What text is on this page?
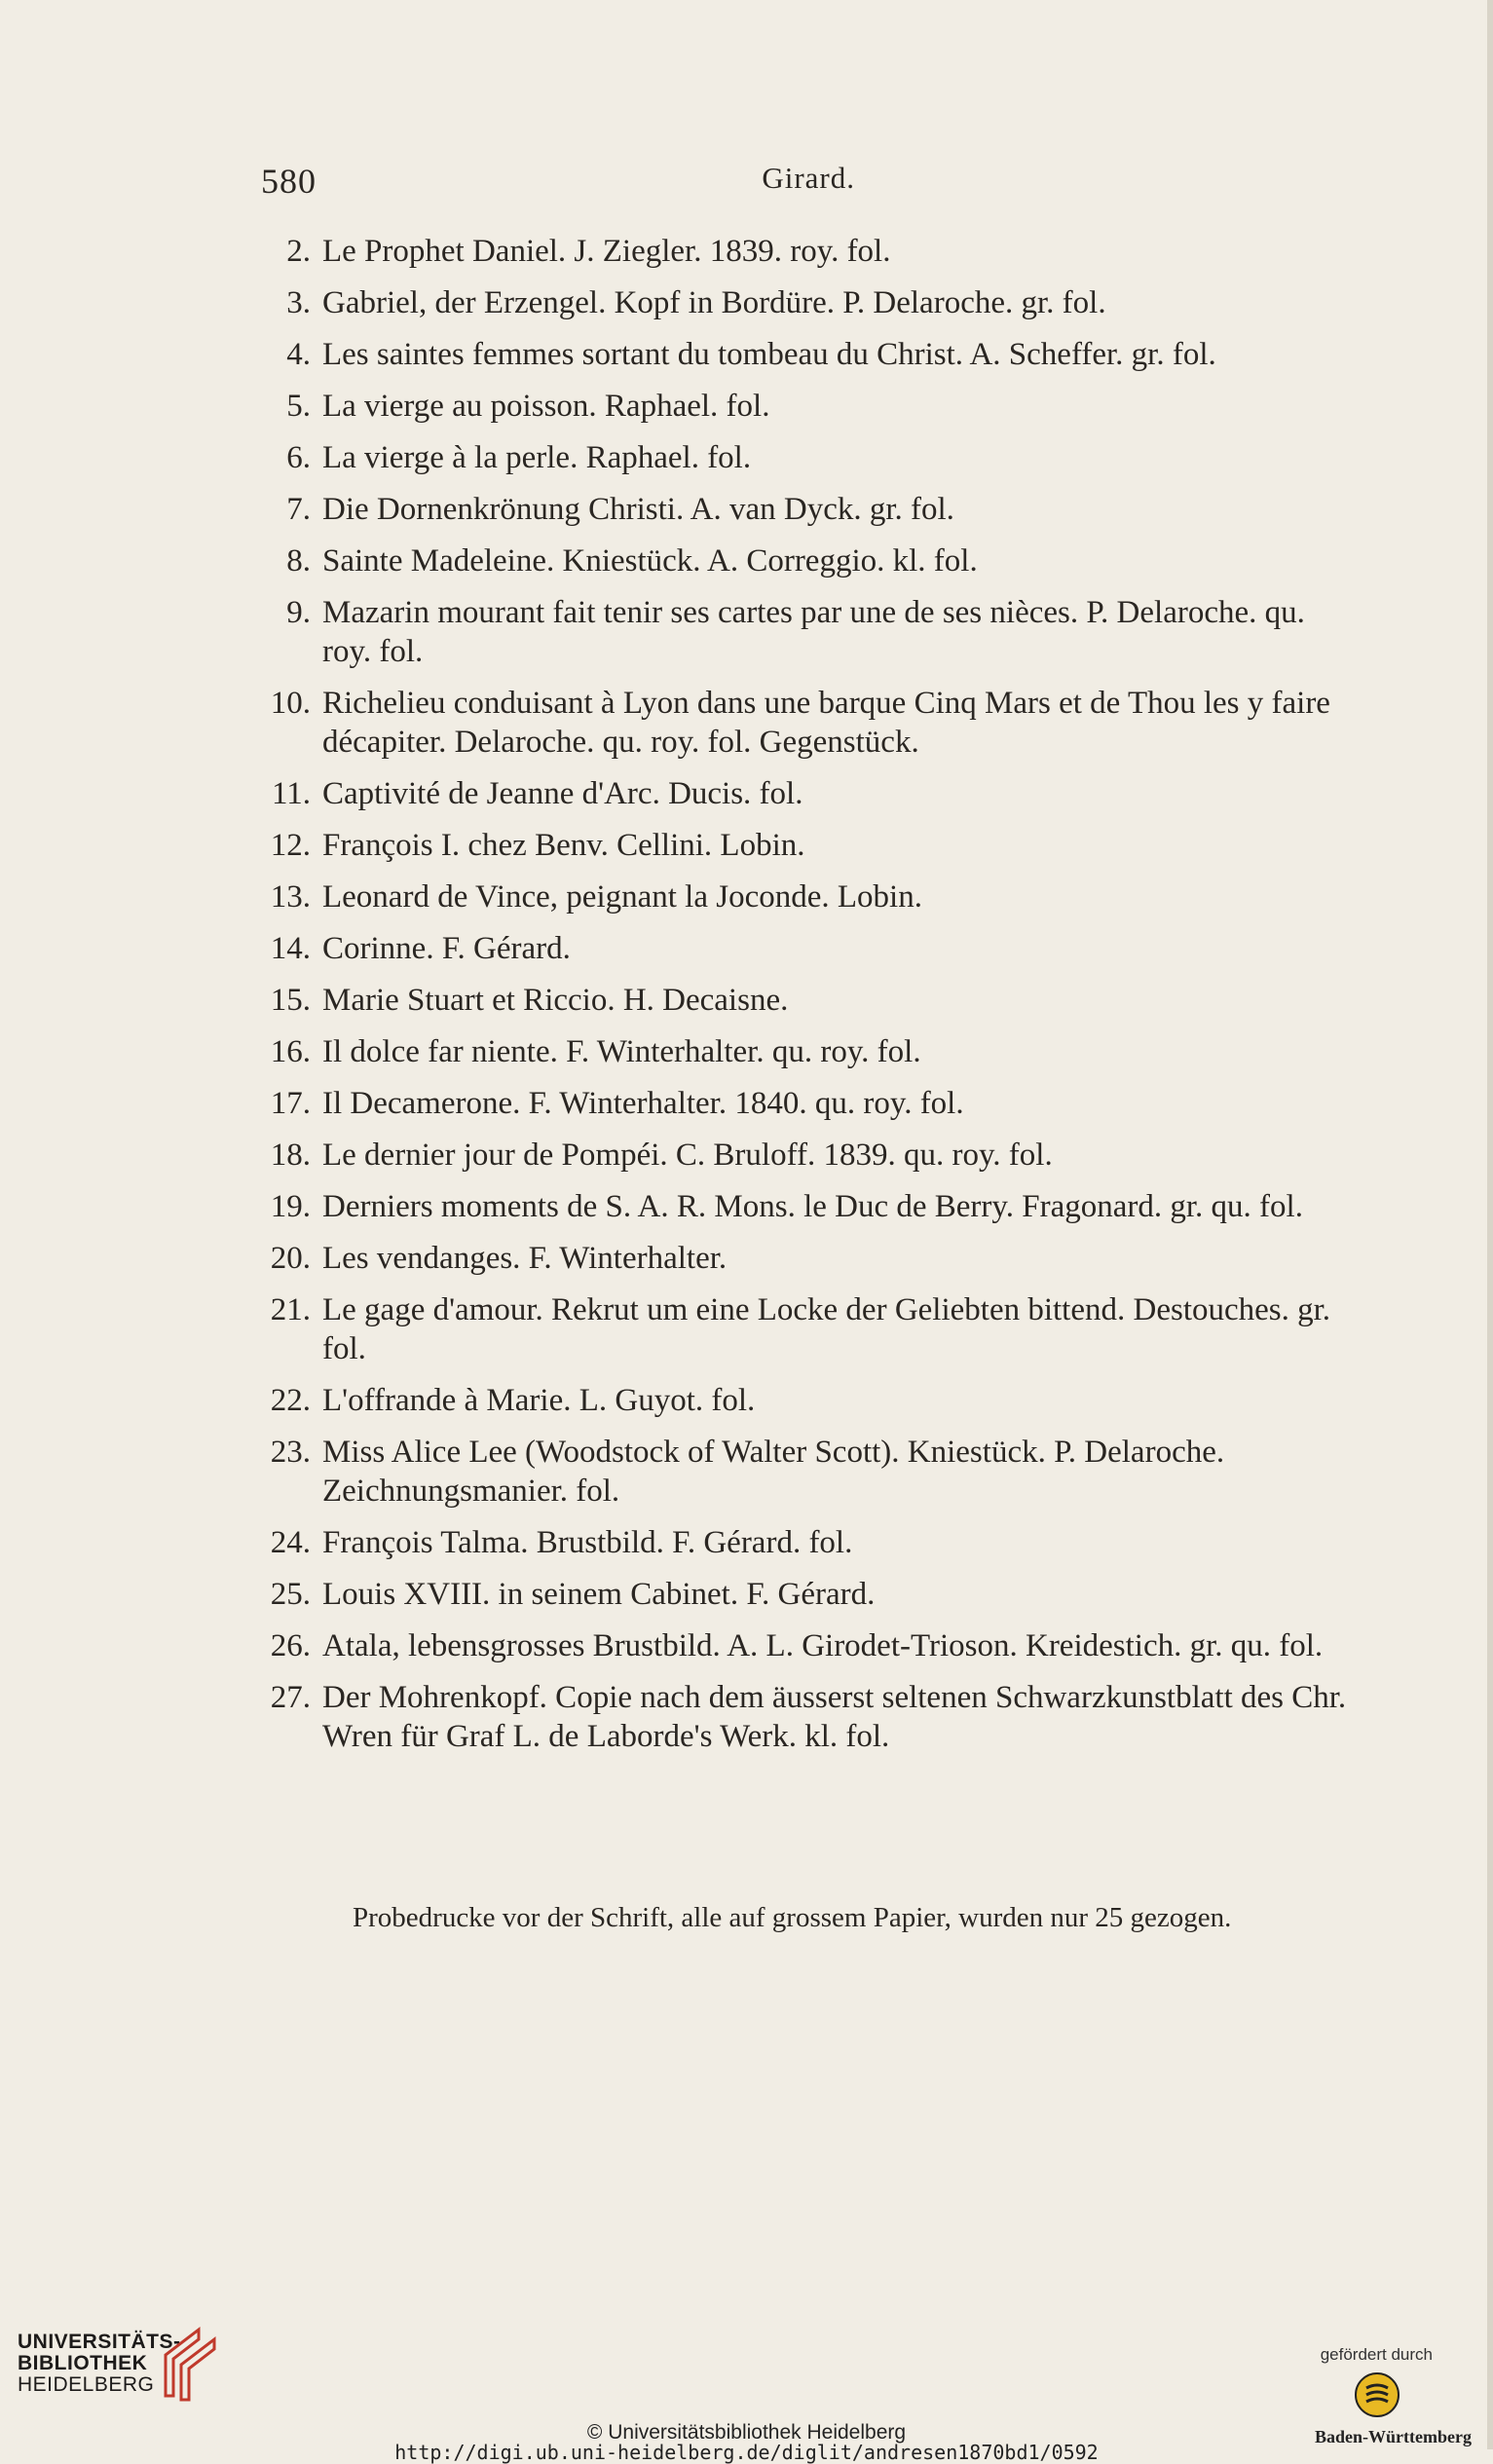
580	Girard.
2. Le Prophet Daniel. J. Ziegler. 1839. roy. fol.
3. Gabriel, der Erzengel. Kopf in Bordüre. P. Delaroche. gr. fol.
4. Les saintes femmes sortant du tombeau du Christ. A. Scheffer. gr. fol.
5. La vierge au poisson. Raphael. fol.
6. La vierge à la perle. Raphael. fol.
7. Die Dornenkrönung Christi. A. van Dyck. gr. fol.
8. Sainte Madeleine. Kniestück. A. Correggio. kl. fol.
9. Mazarin mourant fait tenir ses cartes par une de ses nièces. P. Delaroche. qu. roy. fol.
10. Richelieu conduisant à Lyon dans une barque Cinq Mars et de Thou les y faire décapiter. Delaroche. qu. roy. fol. Gegenstück.
11. Captivité de Jeanne d'Arc. Ducis. fol.
12. François I. chez Benv. Cellini. Lobin.
13. Leonard de Vince, peignant la Joconde. Lobin.
14. Corinne. F. Gérard.
15. Marie Stuart et Riccio. H. Decaisne.
16. Il dolce far niente. F. Winterhalter. qu. roy. fol.
17. Il Decamerone. F. Winterhalter. 1840. qu. roy. fol.
18. Le dernier jour de Pompéi. C. Bruloff. 1839. qu. roy. fol.
19. Derniers moments de S. A. R. Mons. le Duc de Berry. Fragonard. gr. qu. fol.
20. Les vendanges. F. Winterhalter.
21. Le gage d'amour. Rekrut um eine Locke der Geliebten bittend. Destouches. gr. fol.
22. L'offrande à Marie. L. Guyot. fol.
23. Miss Alice Lee (Woodstock of Walter Scott). Kniestück. P. Delaroche. Zeichnungsmanier. fol.
24. François Talma. Brustbild. F. Gérard. fol.
25. Louis XVIII. in seinem Cabinet. F. Gérard.
26. Atala, lebensgrosses Brustbild. A. L. Girodet-Trioson. Kreidestich. gr. qu. fol.
27. Der Mohrenkopf. Copie nach dem äusserst seltenen Schwarzkunstblatt des Chr. Wren für Graf L. de Laborde's Werk. kl. fol.
Probedrucke vor der Schrift, alle auf grossem Papier, wurden nur 25 gezogen.
UNIVERSITÄTS-
BIBLIOTHEK
HEIDELBERG
© Universitätsbibliothek Heidelberg
http://digi.ub.uni-heidelberg.de/diglit/andresen1870bd1/0592
gefördert durch
Baden-Württemberg
